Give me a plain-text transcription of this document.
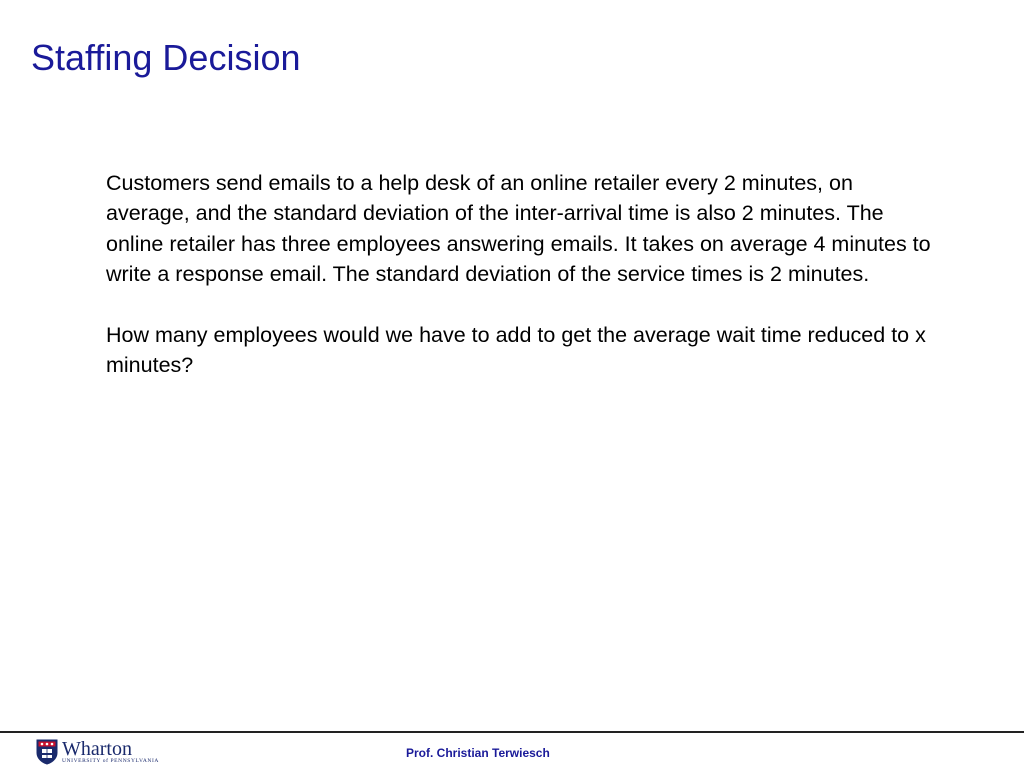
Staffing Decision

Customers send emails to a help desk of an online retailer every 2 minutes, on average, and the standard deviation of the inter-arrival time is also 2 minutes. The online retailer has three employees answering emails. It takes on average 4 minutes to write a response email. The standard deviation of the service times is 2 minutes.

How many employees would we have to add to get the average wait time reduced to x minutes?

Wharton
UNIVERSITY of PENNSYLVANIA
Prof. Christian Terwiesch
